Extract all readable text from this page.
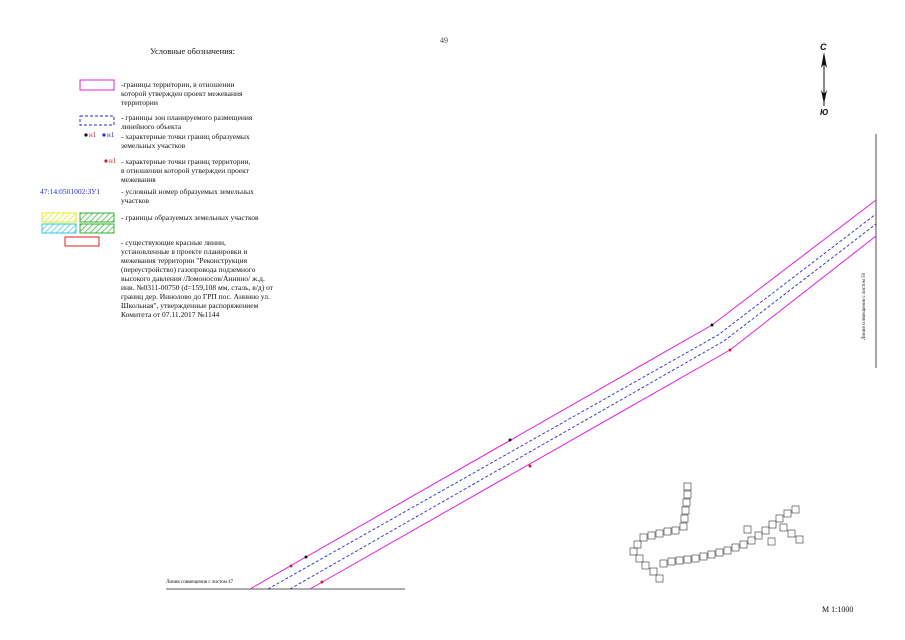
49
Условные обозначения:
-границы территории, в отношении
которой утвержден проект межевания
территории
- границы зон планируемого размещения
линейного объекта
- характерные точки границ образуемых
земельных участков
н1 н1
- характерные точки границ территории,
в отношении которой утвержден проект
межевания
н1
47:14:0501002:ЗУ1	- условный номер образуемых земельных
участков
- границы образуемых земельных участков
- существующие красные линии,
установленные в проекте планировки и
межевания территории "Реконструкция
(переустройство) газопровода подземного
высокого давления /Ломоносов/Аннино/ ж.д.
инв. №0311-00750 (d=159,108 мм, сталь, в/д) от
границ дер. Иннолово до ГРП пос. Аннино ул.
Школьная", утвержденные распоряжением
Комитета от 07.11.2017 №1144
С
Ю
Линия совмещения с листом 47
Линия совмещения с листом 50
М 1:1000
